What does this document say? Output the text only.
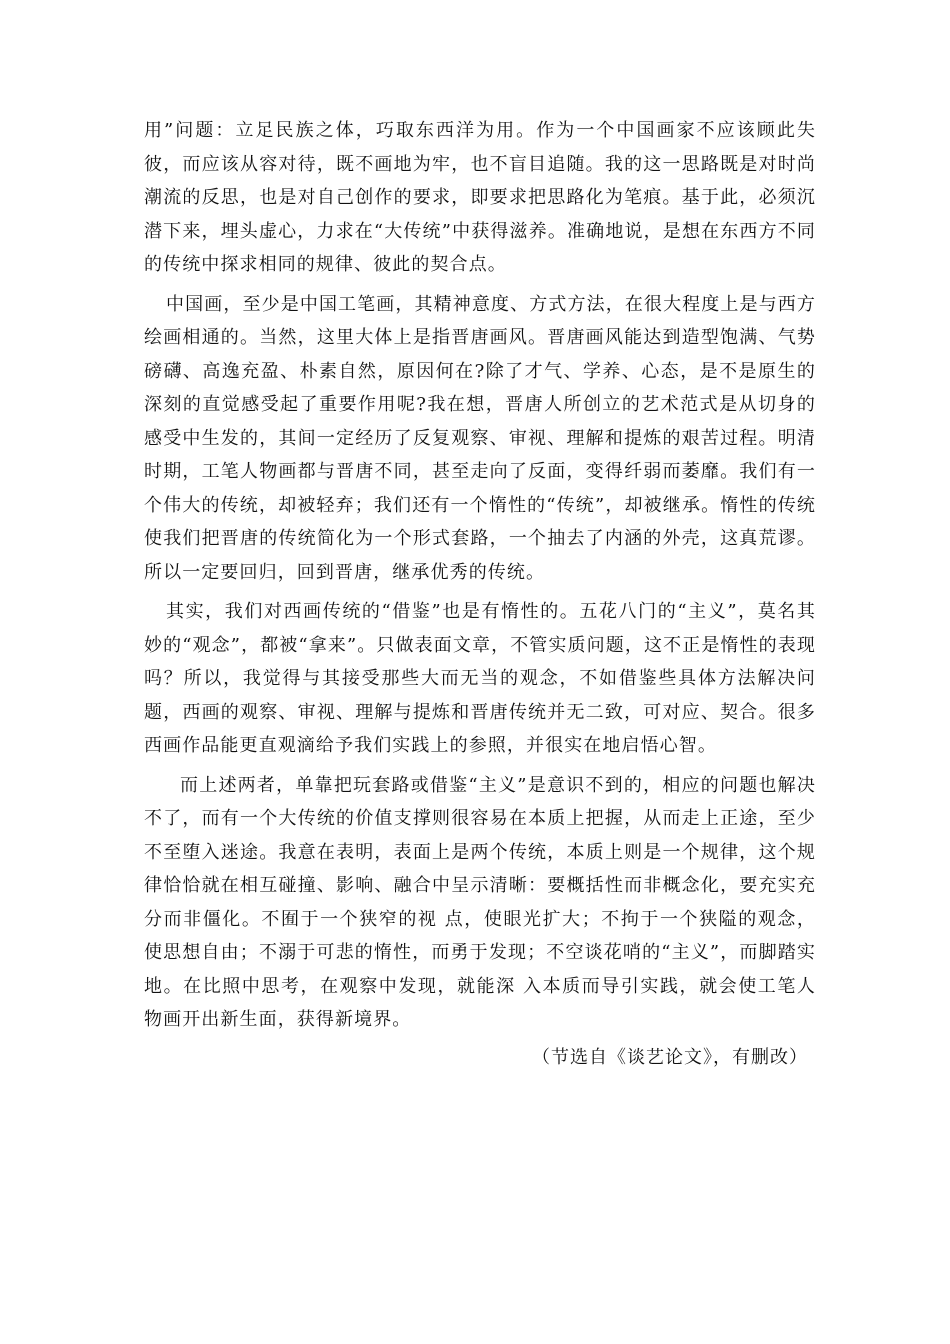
用”问题：立足民族之体，巧取东西洋为用。作为一个中国画家不应该顾此失彼，而应该从容对待，既不画地为牢，也不盲目追随。我的这一思路既是对时尚潮流的反思，也是对自己创作的要求，即要求把思路化为笔痕。基于此，必须沉潜下来，埋头虚心，力求在“大传统”中获得滋养。准确地说，是想在东西方不同的传统中探求相同的规律、彼此的契合点。

中国画，至少是中国工笔画，其精神意度、方式方法，在很大程度上是与西方绘画相通的。当然，这里大体上是指晋唐画风。晋唐画风能达到造型饱满、气势磅礴、高逸充盈、朴素自然，原因何在?除了才气、学养、心态，是不是原生的深刻的直觉感受起了重要作用呢?我在想，晋唐人所创立的艺术范式是从切身的感受中生发的，其间一定经历了反复观察、审视、理解和提炼的艰苦过程。明清时期，工笔人物画都与晋唐不同，甚至走向了反面，变得纤弱而萎靡。我们有一个伟大的传统，却被轻弃；我们还有一个惰性的“传统”，却被继承。惰性的传统使我们把晋唐的传统简化为一个形式套路，一个抽去了内涵的外壳，这真荒谬。所以一定要回归，回到晋唐，继承优秀的传统。

其实，我们对西画传统的“借鉴”也是有惰性的。五花八门的“主义”，莫名其妙的“观念”，都被“拿来”。只做表面文章，不管实质问题，这不正是惰性的表现吗？所以，我觉得与其接受那些大而无当的观念，不如借鉴些具体方法解决问题，西画的观察、审视、理解与提炼和晋唐传统并无二致，可对应、契合。很多西画作品能更直观滴给予我们实践上的参照，并很实在地启悟心智。

而上述两者，单靠把玩套路或借鉴“主义”是意识不到的，相应的问题也解决不了，而有一个大传统的价值支撑则很容易在本质上把握，从而走上正途，至少不至堕入迷途。我意在表明，表面上是两个传统，本质上则是一个规律，这个规律恰恰就在相互碰撞、影响、融合中呈示清晰：要概括性而非概念化，要充实充分而非僵化。不囿于一个狭窄的视 点，使眼光扩大；不拘于一个狭隘的观念，使思想自由；不溺于可悲的惰性，而勇于发现；不空谈花哨的“主义”，而脚踏实地。在比照中思考，在观察中发现，就能深 入本质而导引实践，就会使工笔人物画开出新生面，获得新境界。

（节选自《谈艺论文》，有删改）
